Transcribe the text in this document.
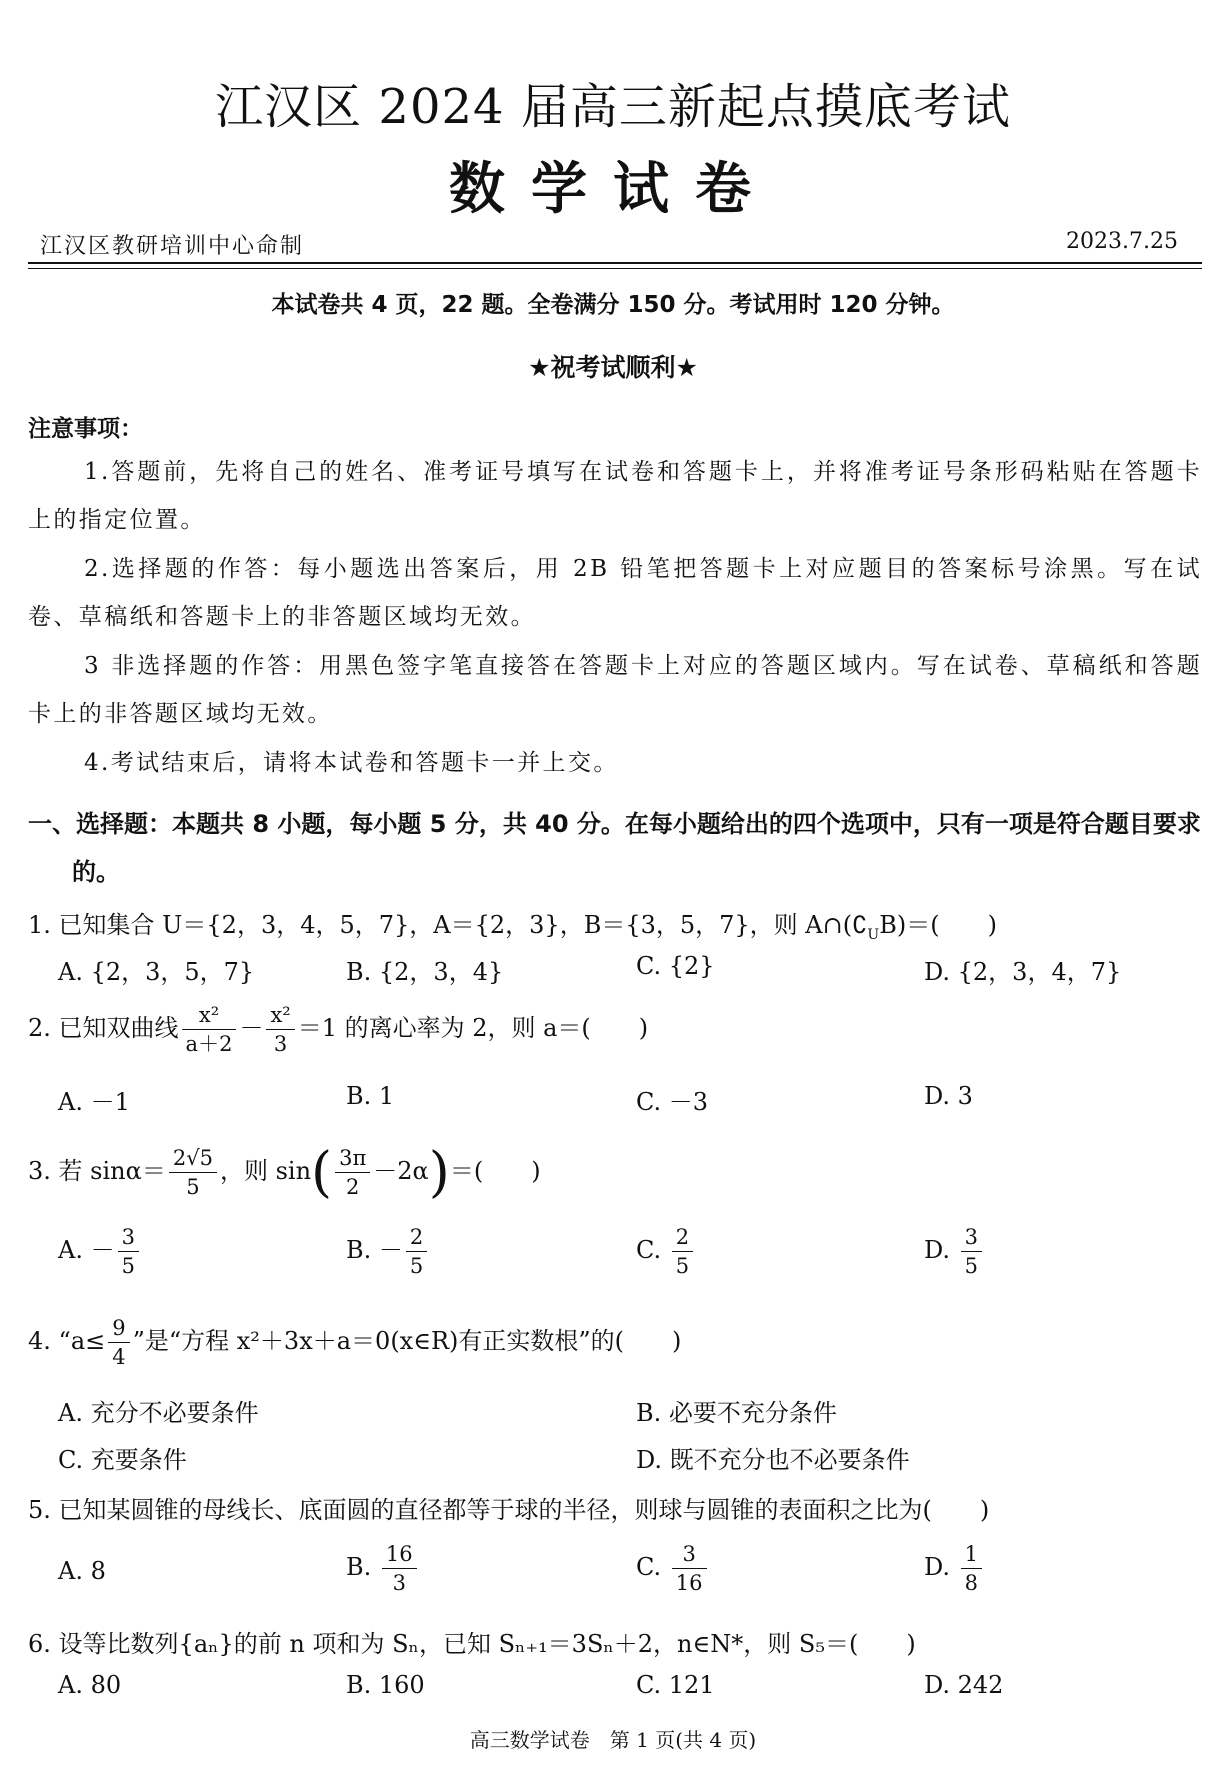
江汉区 2024 届高三新起点摸底考试
数学试卷
江汉区教研培训中心命制	2023.7.25
本试卷共 4 页，22 题。全卷满分 150 分。考试用时 120 分钟。
★祝考试顺利★
注意事项：
1.答题前，先将自己的姓名、准考证号填写在试卷和答题卡上，并将准考证号条形码粘贴在答题卡上的指定位置。
2.选择题的作答：每小题选出答案后，用 2B 铅笔把答题卡上对应题目的答案标号涂黑。写在试卷、草稿纸和答题卡上的非答题区域均无效。
3 非选择题的作答：用黑色签字笔直接答在答题卡上对应的答题区域内。写在试卷、草稿纸和答题卡上的非答题区域均无效。
4.考试结束后，请将本试卷和答题卡一并上交。
一、选择题：本题共 8 小题，每小题 5 分，共 40 分。在每小题给出的四个选项中，只有一项是符合题目要求的。
1. 已知集合 U＝{2，3，4，5，7}，A＝{2，3}，B＝{3，5，7}，则 $A\cap(∁_UB)=$(　　)
A. {2，3，5，7}	B. {2，3，4}	C. {2}	D. {2，3，4，7}
2. 已知双曲线 $\frac{\text{x²}}{a+2} - \frac{\text{x²}}{3} =1$ 的离心率为 2，则 a＝(　　)
A. －1	B. 1	C. －3	D. 3
3. 若 $\sin\alpha= \frac{2√5}{5}$ ，则 $\sin( \frac{3\pi}{2} -2\alpha)=$(　　)
A. － $\frac{3}{5}$	B. － $\frac{2}{5}$	C. $\frac{2}{5}$	D. $\frac{3}{5}$
4. “$a\le \frac{9}{4}$ ”是“方程 x²＋3x＋a＝0(x∈R)有正实数根”的(　　)
A. 充分不必要条件	B. 必要不充分条件
C. 充要条件	D. 既不充分也不必要条件
5. 已知某圆锥的母线长、底面圆的直径都等于球的半径，则球与圆锥的表面积之比为(　　)
A. 8	B. $\frac{16}{3}$	C. $\frac{3}{16}$	D. $\frac{1}{8}$
6. 设等比数列{aₙ}的前 n 项和为 Sₙ，已知 Sₙ₊₁＝3Sₙ＋2，n∈N*，则 S₅＝(　　)
A. 80	B. 160	C. 121	D. 242
高三数学试卷　第 1 页(共 4 页)
